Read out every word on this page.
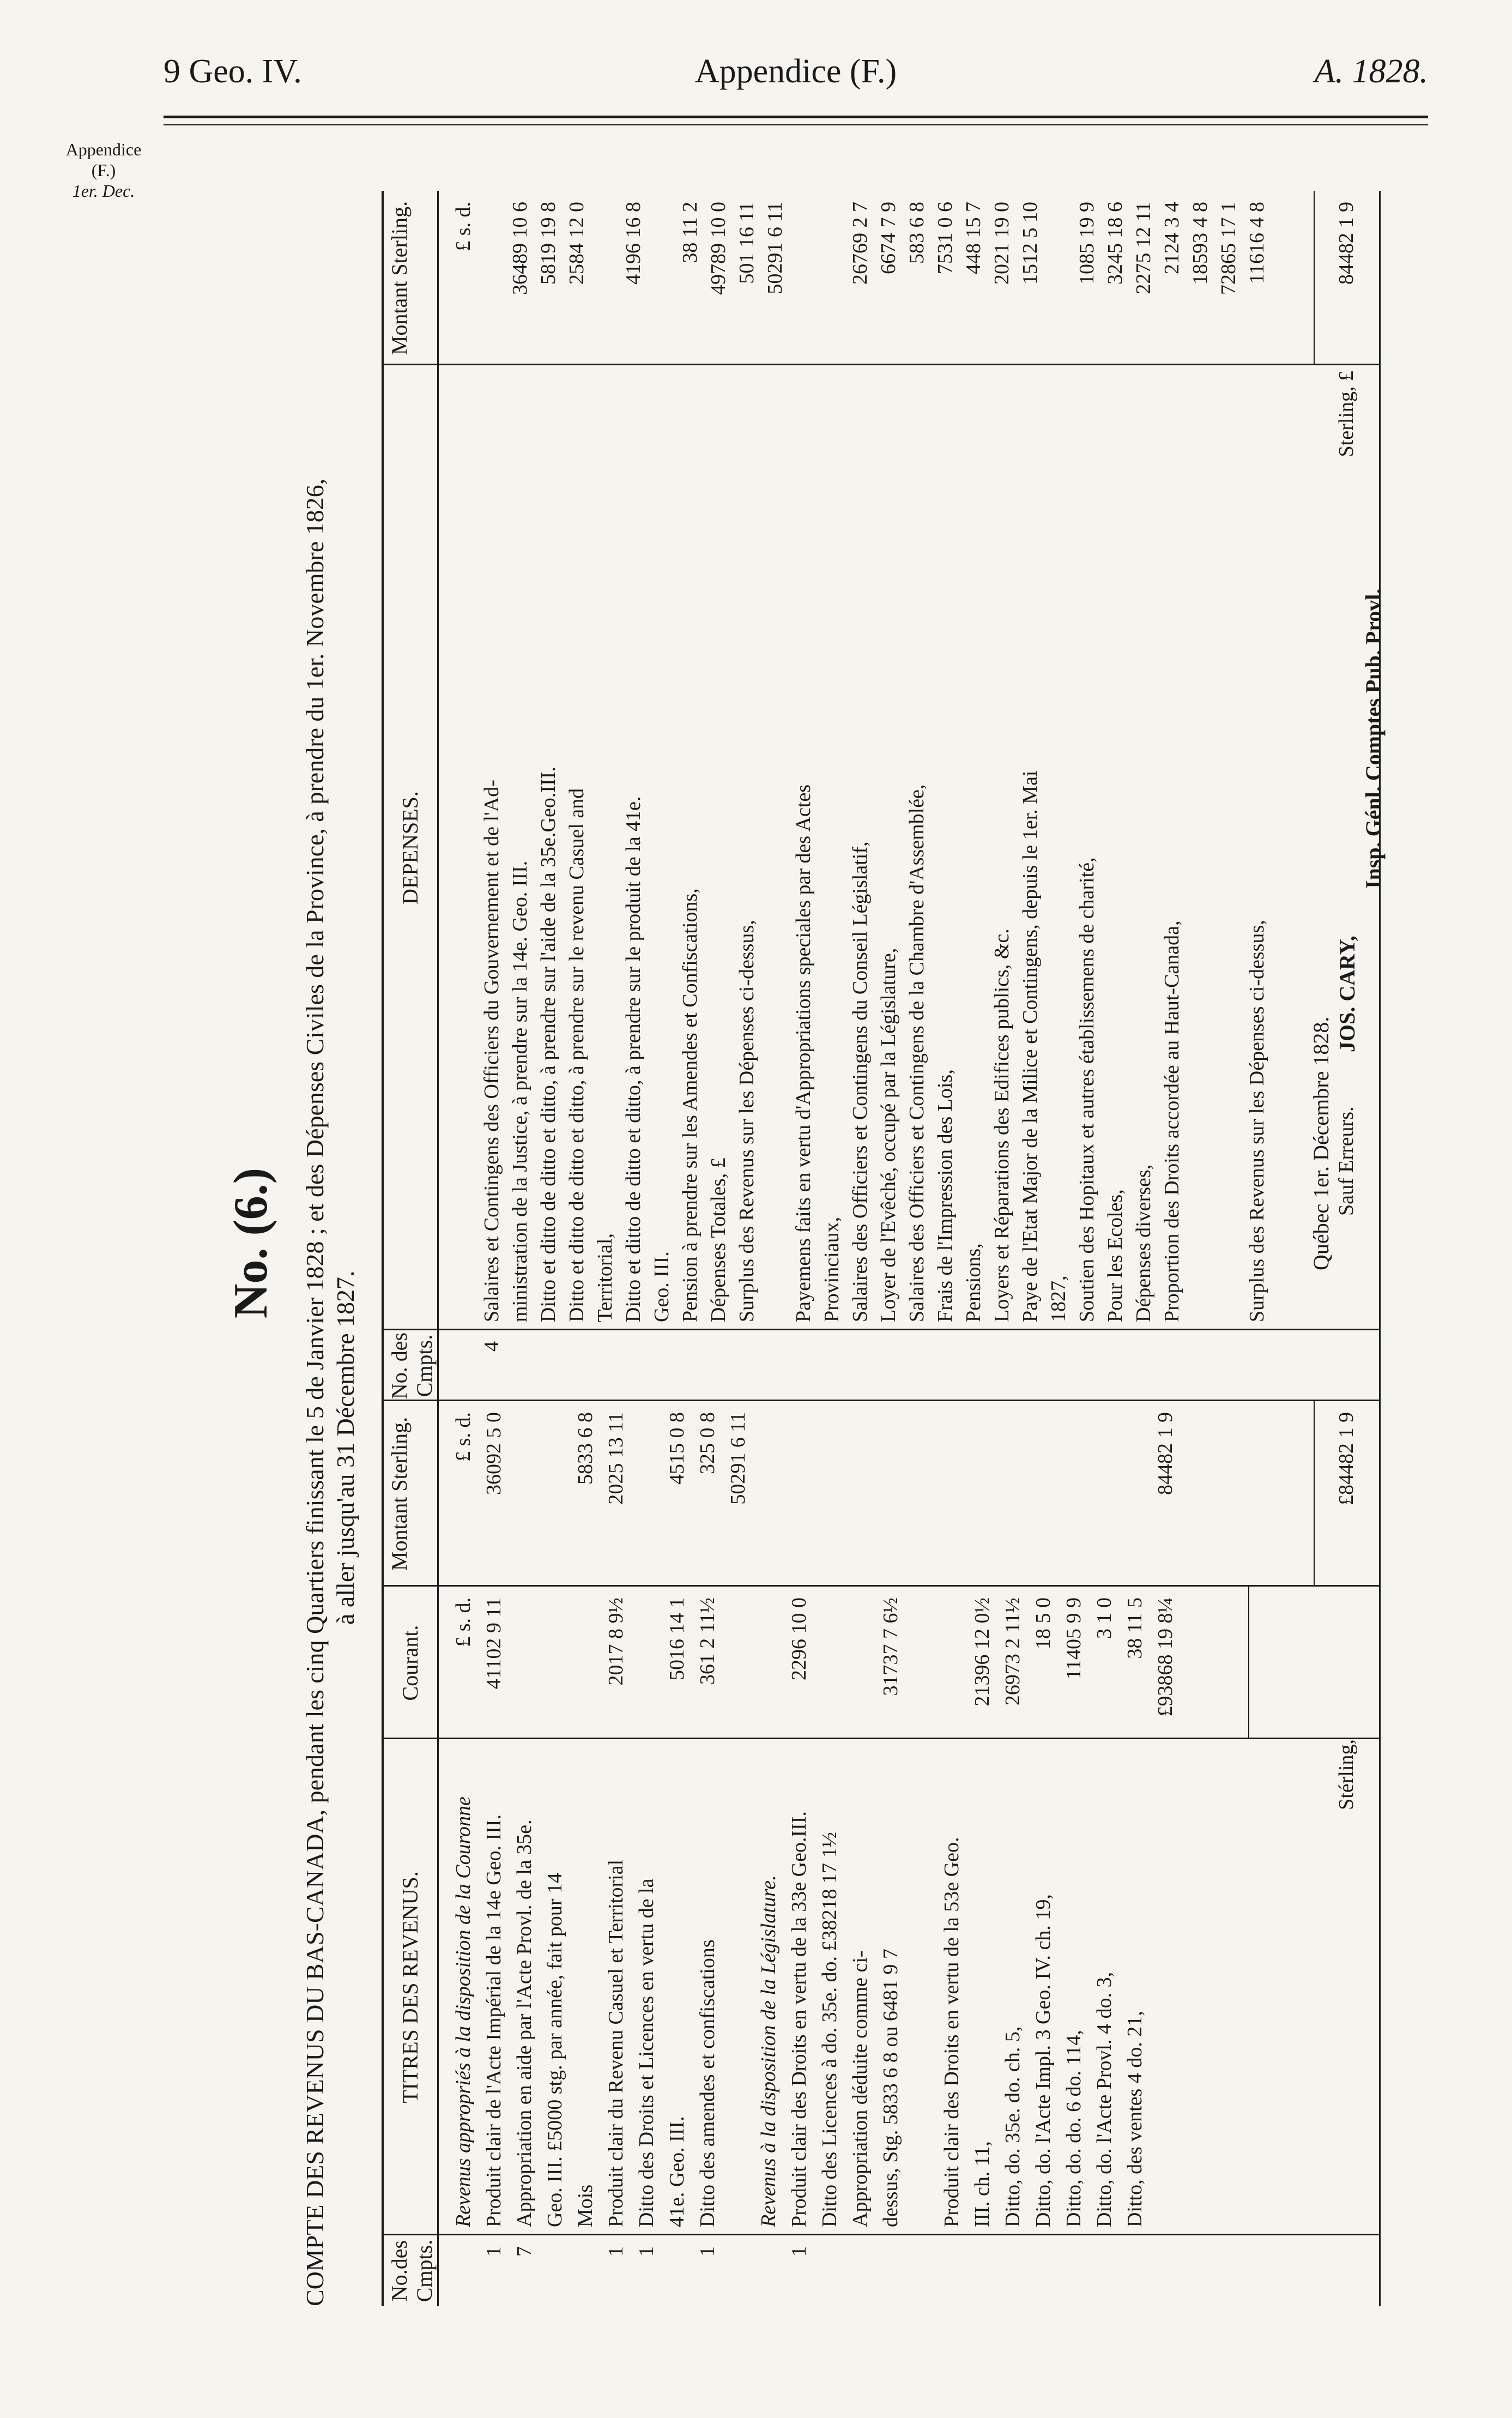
9 Geo. IV.	Appendice (F.)	A. 1828.
Appendice
(F.)
1er. Dec.
No. (6.) COMPTE DES REVENUS DU BAS-CANADA, pendant les cinq Quartiers finissant le 5 de Janvier 1828 ; et des Dépenses Civiles de la Province, à prendre du 1er. Novembre 1826, à aller jusqu'au 31 Décembre 1827.
No.des Cmpts.
TITRES DES REVENUS.
Courant.
Montant Sterling.
No. des Cmpts.
DEPENSES.
Montant Sterling.
Revenus appropriés à la disposition de la Couronne
£ s. d.
£ s. d.
1
Produit clair de l'Acte Impérial de la 14e Geo. III.
41102 9 11
36092 5 0
7
Appropriation en aide par l'Acte Provl. de la 35e. Geo. III. £5000 stg. par année, fait pour 14 Mois
5833 6 8
1
Produit clair du Revenu Casuel et Territorial
2017 8 9½
2025 13 11
1
Ditto des Droits et Licences en vertu de la 41e. Geo. III.
5016 14 1
4515 0 8
1
Ditto des amendes et confiscations
361 2 11½
325 0 8 50291 6 11
Revenus à la disposition de la Législature.
1
Produit clair des Droits en vertu de la 33e Geo.III.
2296 10 0
Ditto des Licences à do. 35e. do. £38218 17 1½ Appropriation déduite comme ci- dessus, Stg. 5833 6 8 ou 6481 9 7
31737 7 6½
Produit clair des Droits en vertu de la 53e Geo. III. ch. 11,
21396 12 0½
Ditto, do. 35e. do. ch. 5,
26973 2 11½
Ditto, do. l'Acte Impl. 3 Geo. IV. ch. 19,
18 5 0
Ditto, do. do. 6 do. 114,
11405 9 9
Ditto, do. l'Acte Provl. 4 do. 3,
3 1 0
Ditto, des ventes 4 do. 21,
38 11 5 £93868 19 8¼
84482 1 9
£ s. d.
4
Salaires et Contingens des Officiers du Gouvernement et de l'Ad- ministration de la Justice, à prendre sur la 14e. Geo. III.
36489 10 6
Ditto et ditto de ditto et ditto, à prendre sur l'aide de la 35e.Geo.III.
5819 19 8
Ditto et ditto de ditto et ditto, à prendre sur le revenu Casuel and
2584 12 0
Territorial, Ditto et ditto de ditto et ditto, à prendre sur le produit de la 41e.
4196 16 8
Geo. III. Pension à prendre sur les Amendes et Confiscations,
38 11 2
Dépenses Totales, £
49789 10 0
Surplus des Revenus sur les Dépenses ci-dessus,
501 16 11 50291 6 11
Payemens faits en vertu d'Appropriations speciales par des Actes Provinciaux, Salaires des Officiers et Contingens du Conseil Législatif,
26769 2 7
Loyer de l'Evêché, occupé par la Législature,
6674 7 9
Salaires des Officiers et Contingens de la Chambre d'Assemblée,
583 6 8
Frais de l'Impression des Lois,
7531 0 6
Pensions,
448 15 7
Loyers et Réparations des Edifices publics, &c.
2021 19 0
Paye de l'Etat Major de la Milice et Contingens, depuis le 1er. Mai
1512 5 10
1827, Soutien des Hopitaux et autres établissemens de charité,
1085 19 9
Pour les Ecoles,
3245 18 6
Dépenses diverses,
2275 12 11
Proportion des Droits accordée au Haut-Canada,
2124 3 4 18593 4 8 72865 17 1
Surplus des Revenus sur les Dépenses ci-dessus,
11616 4 8
Stérling,
£84482 1 9
Sterling, £
84482 1 9
Sauf Erreurs.
Québec 1er. Décembre 1828.
JOS. CARY,
Insp. Génl. Comptes Pub. Provl.
